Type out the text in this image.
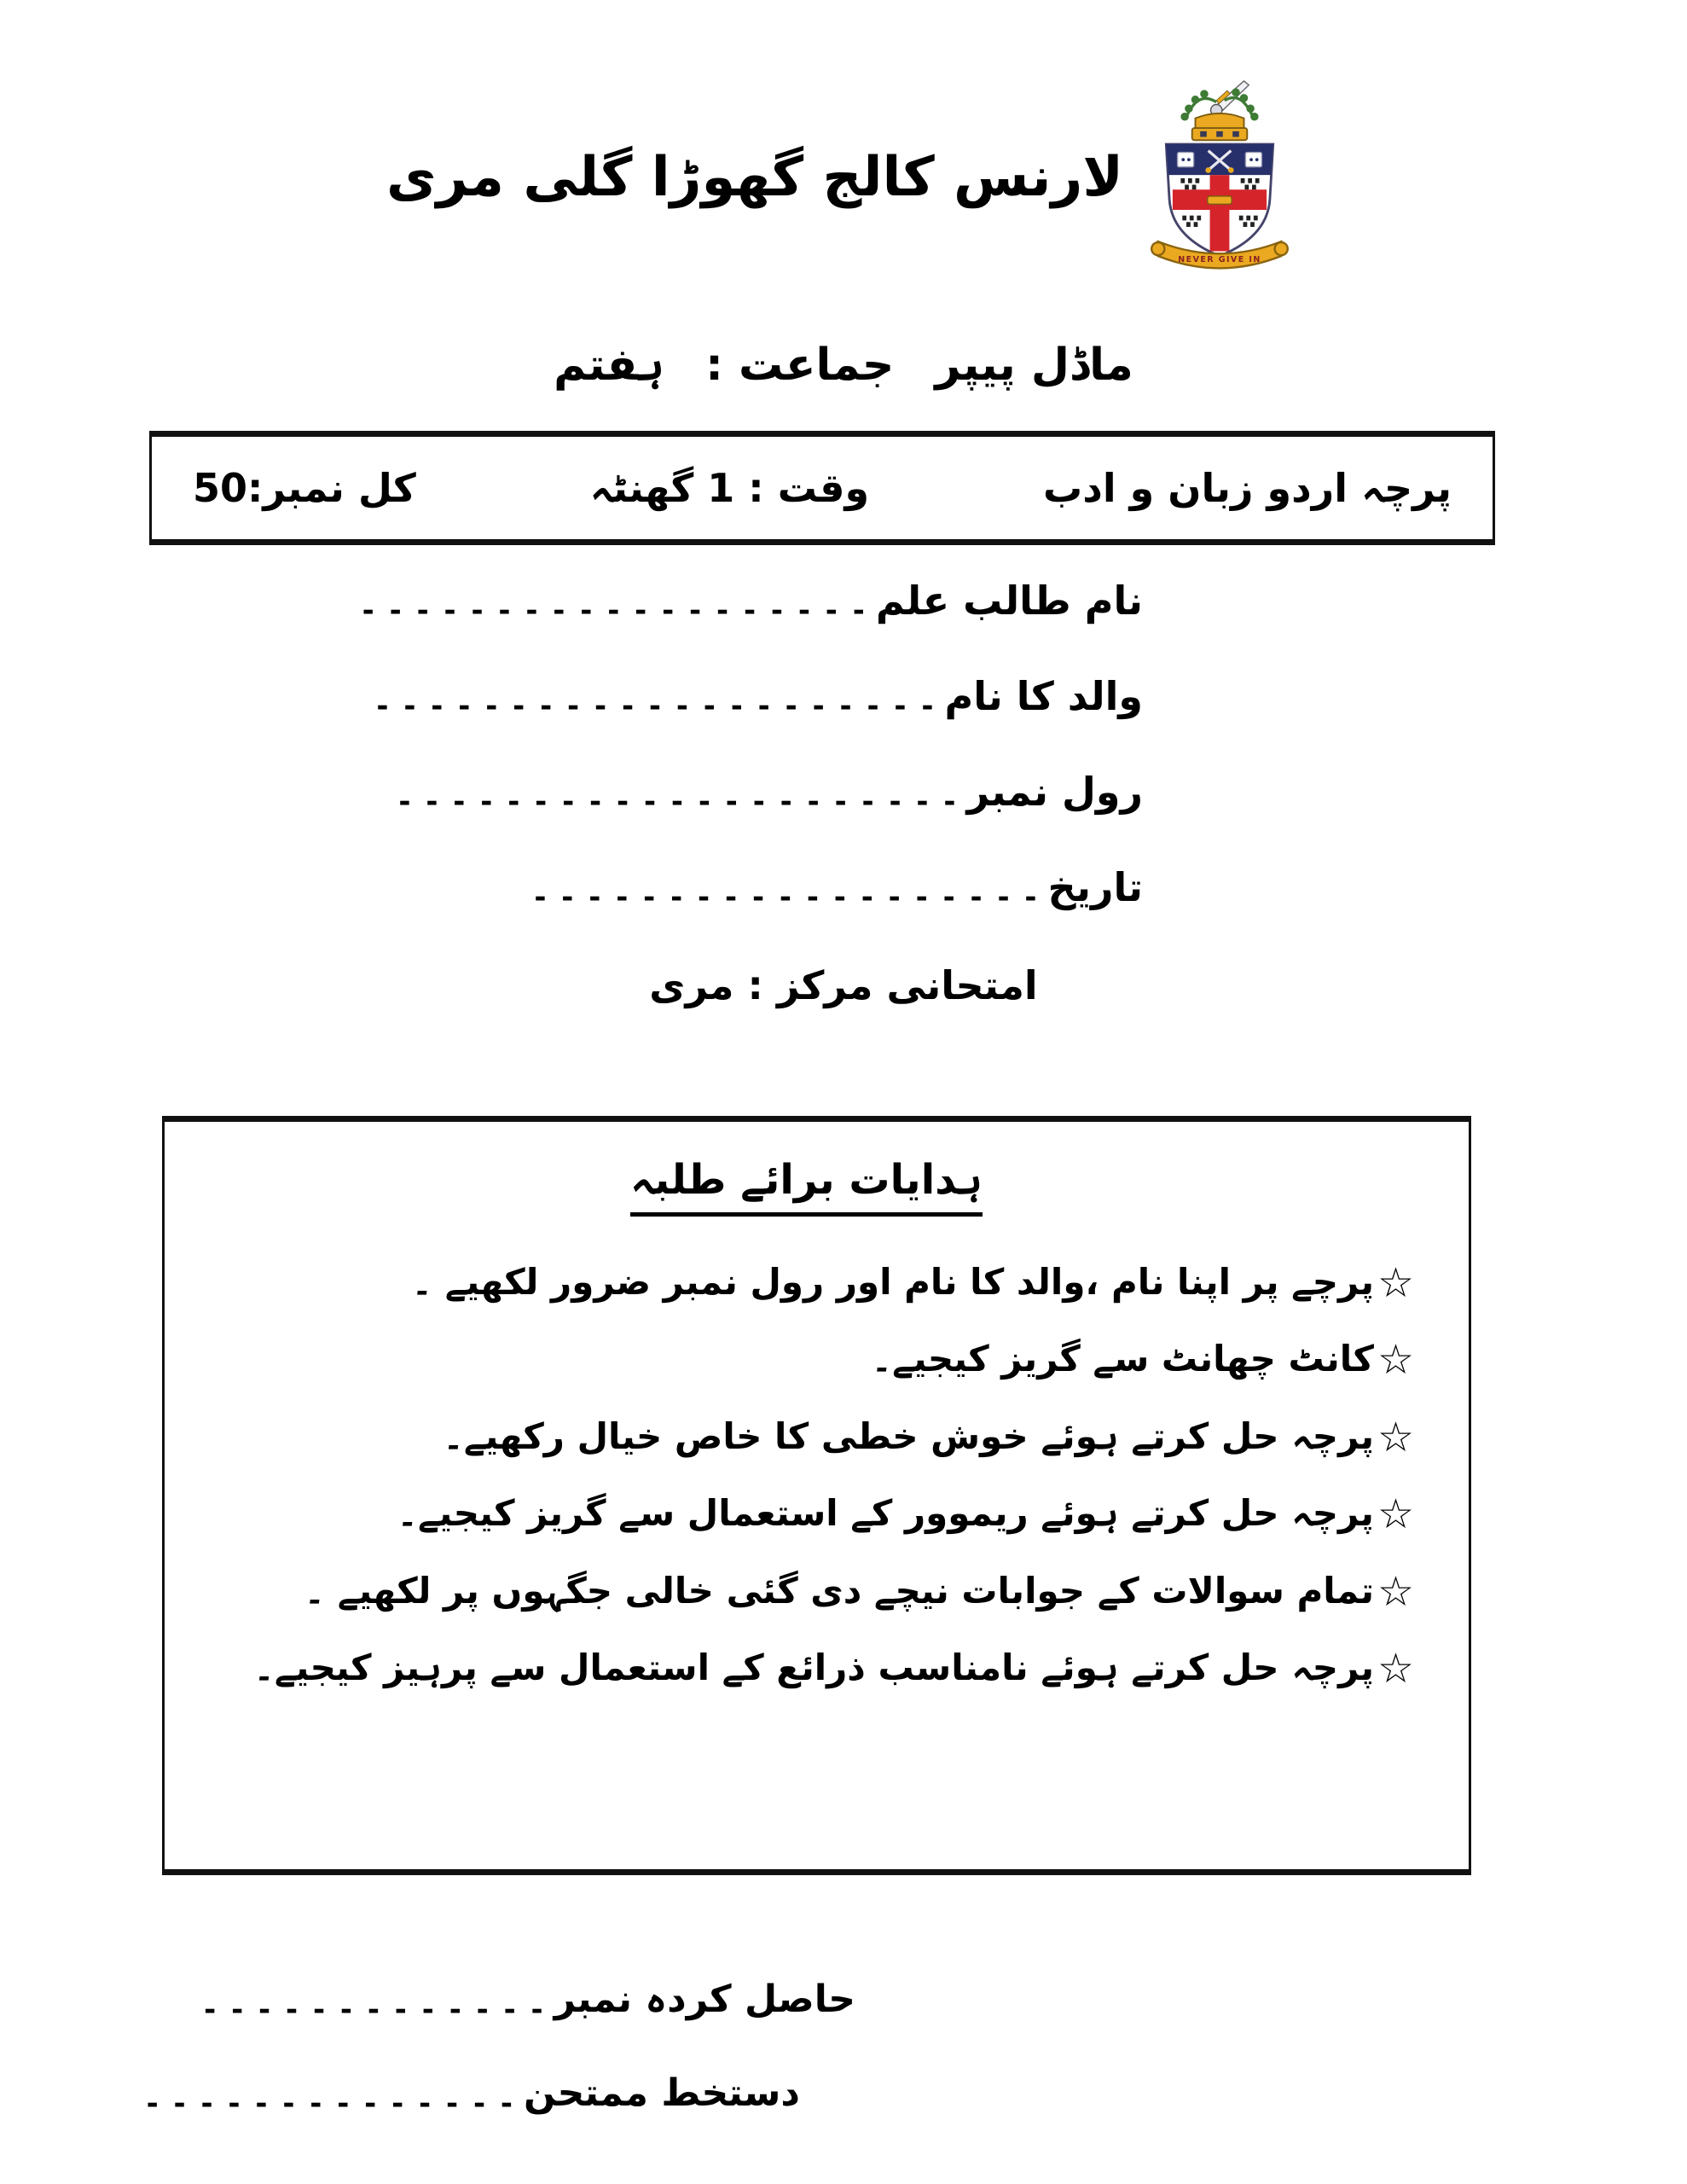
لارنس کالج گھوڑا گلی مری
NEVER GIVE IN
ماڈل پیپر
جماعت :
ہفتم
پرچہ اردو زبان و ادب
وقت : 1 گھنٹہ
کل نمبر:50
نام طالب علم
- - - - - - - - - - - - - - - - - - -
والد کا نام
- - - - - - - - - - - - - - - - - - - - -
رول نمبر
- - - - - - - - - - - - - - - - - - - - -
تاریخ
- - - - - - - - - - - - - - - - - - -
امتحانی مرکز : مری
ہدایات برائے طلبہ
☆
پرچے پر اپنا نام ،والد کا نام اور رول نمبر ضرور لکھیے ۔
☆
کانٹ چھانٹ سے گریز کیجیے۔
☆
پرچہ حل کرتے ہوئے خوش خطی کا خاص خیال رکھیے۔
☆
پرچہ حل کرتے ہوئے ریموور کے استعمال سے گریز کیجیے۔
☆
تمام سوالات کے جوابات نیچے دی گئی خالی جگہوں پر لکھیے ۔
☆
پرچہ حل کرتے ہوئے نامناسب ذرائع کے استعمال سے پرہیز کیجیے۔
حاصل کردہ نمبر
- - - - - - - - - - - - -
دستخط ممتحن
- - - - - - - - - - - - - -
